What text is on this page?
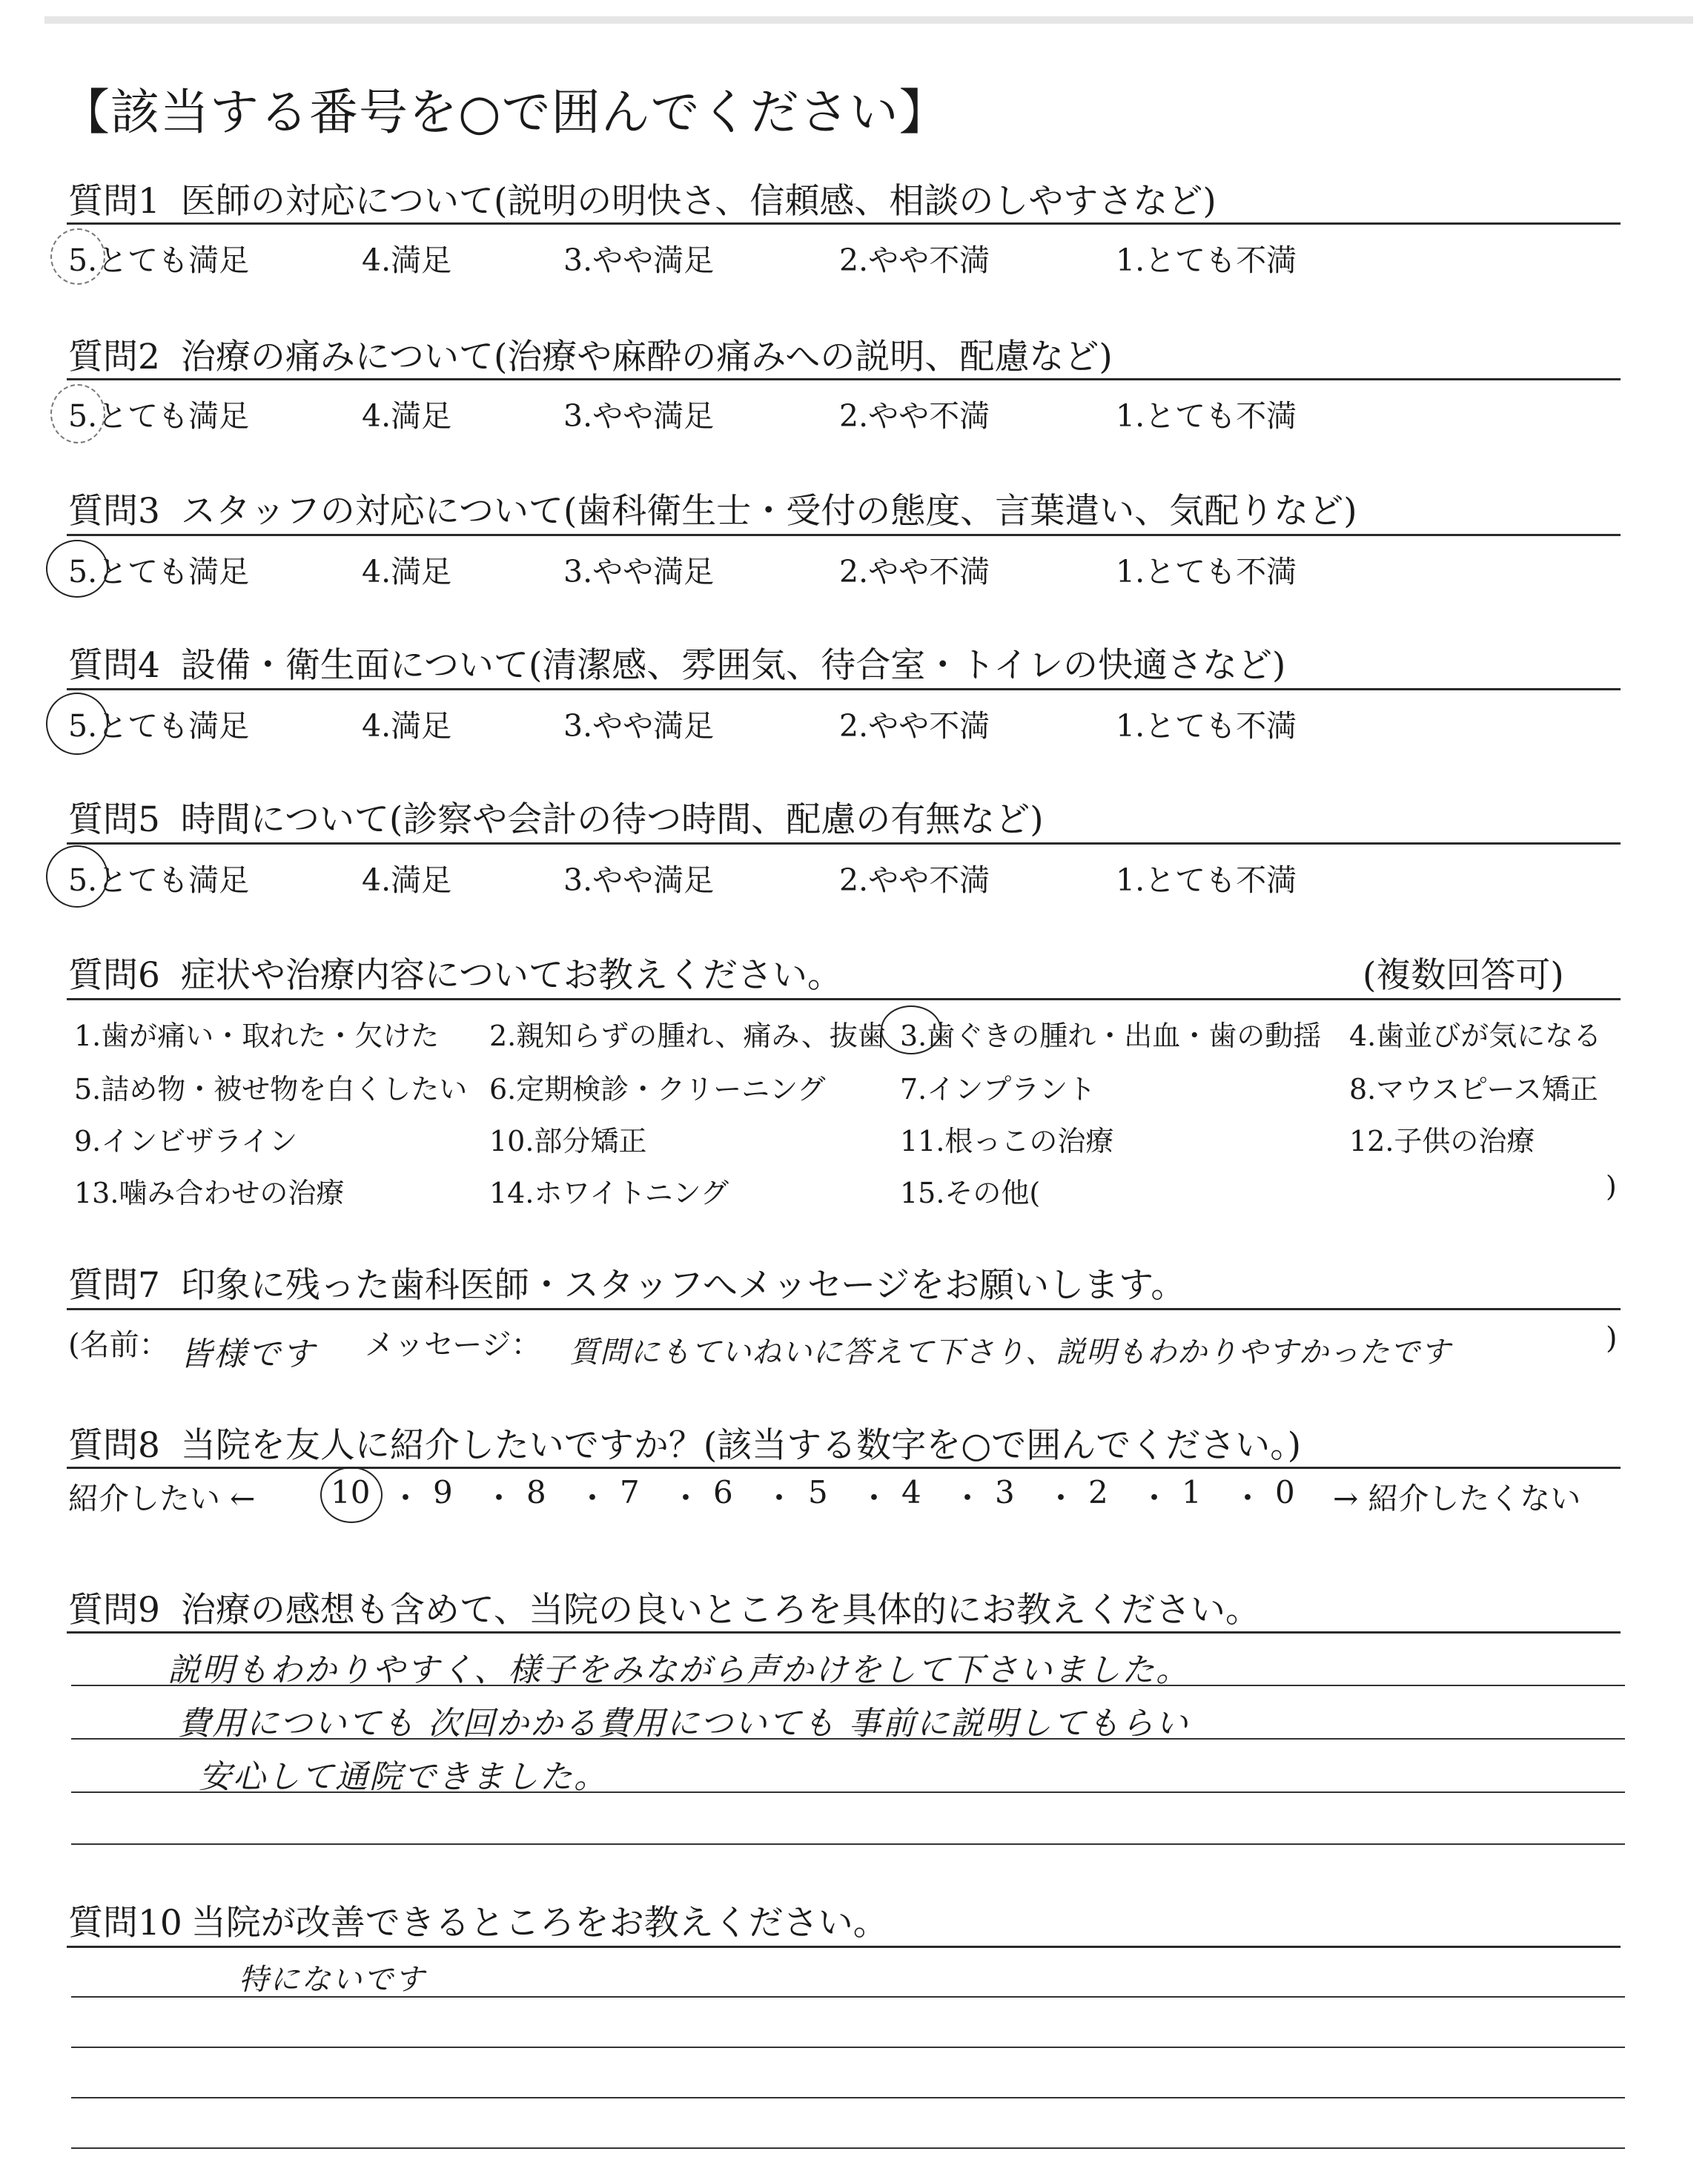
【該当する番号を○で囲んでください】
質問1 医師の対応について(説明の明快さ、信頼感、相談のしやすさなど)
5.とても満足	4.満足	3.やや満足	2.やや不満	1.とても不満
質問2 治療の痛みについて(治療や麻酔の痛みへの説明、配慮など)
5.とても満足	4.満足	3.やや満足	2.やや不満	1.とても不満
質問3 スタッフの対応について(歯科衛生士・受付の態度、言葉遣い、気配りなど)
5.とても満足	4.満足	3.やや満足	2.やや不満	1.とても不満
質問4 設備・衛生面について(清潔感、雰囲気、待合室・トイレの快適さなど)
5.とても満足	4.満足	3.やや満足	2.やや不満	1.とても不満
質問5 時間について(診察や会計の待つ時間、配慮の有無など)
5.とても満足	4.満足	3.やや満足	2.やや不満	1.とても不満
質問6 症状や治療内容についてお教えください。	(複数回答可)
1.歯が痛い・取れた・欠けた 2.親知らずの腫れ、痛み、抜歯 3.歯ぐきの腫れ・出血・歯の動揺 4.歯並びが気になる
5.詰め物・被せ物を白くしたい 6.定期検診・クリーニング	7.インプラント	8.マウスピース矯正
9.インビザライン	10.部分矯正	11.根っこの治療	12.子供の治療
13.噛み合わせの治療	14.ホワイトニング	15.その他(	)
質問7 印象に残った歯科医師・スタッフへメッセージをお願いします。
(名前： 皆様です メッセージ： 質問にもていねいに答えて下さり、説明もわかりやすかったです	)
質問8 当院を友人に紹介したいですか？(該当する数字を○で囲んでください。)
紹介したい ← 10 ・ 9 ・ 8 ・ 7 ・ 6 ・ 5 ・ 4 ・ 3 ・ 2 ・ 1 ・ 0 → 紹介したくない
質問9 治療の感想も含めて、当院の良いところを具体的にお教えください。
説明もわかりやすく、様子をみながら声かけをして下さいました。
費用についても 次回かかる費用についても 事前に説明してもらい
安心して通院できました。
質問10 当院が改善できるところをお教えください。
特にないです
